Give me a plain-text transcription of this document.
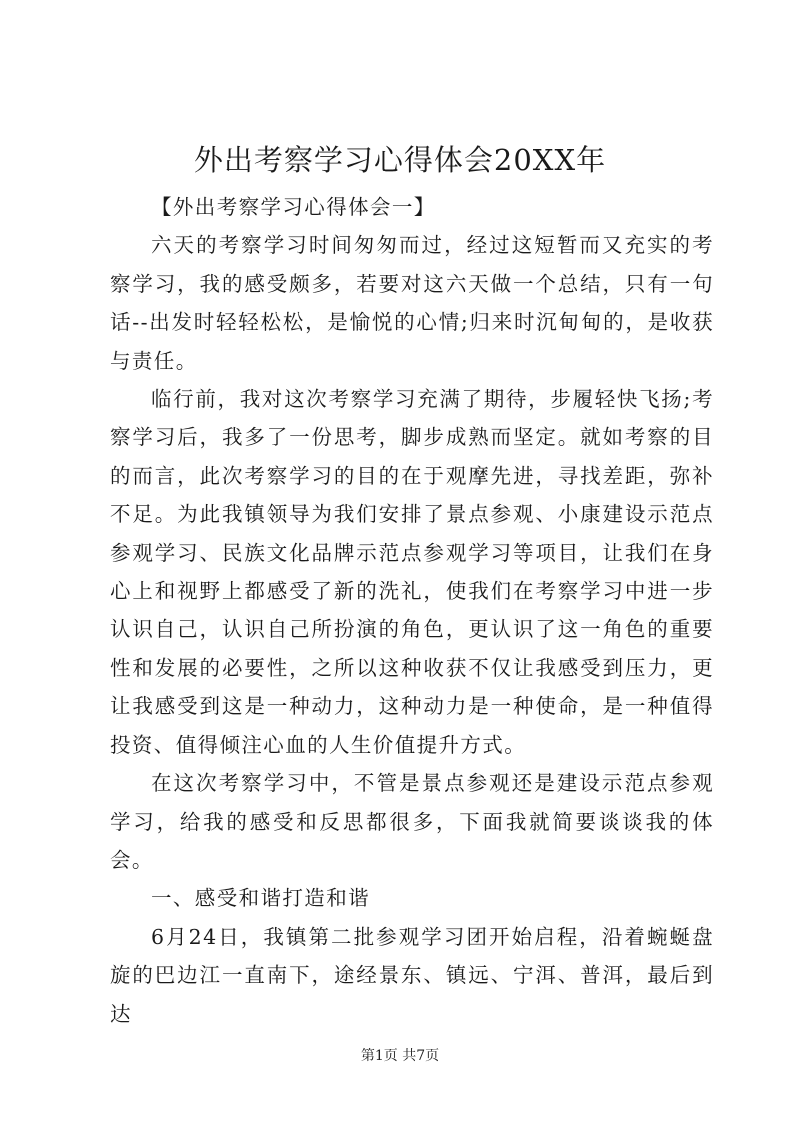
外出考察学习心得体会20XX年

【外出考察学习心得体会一】

六天的考察学习时间匆匆而过，经过这短暂而又充实的考察学习，我的感受颇多，若要对这六天做一个总结，只有一句话--出发时轻轻松松，是愉悦的心情;归来时沉甸甸的，是收获与责任。

临行前，我对这次考察学习充满了期待，步履轻快飞扬;考察学习后，我多了一份思考，脚步成熟而坚定。就如考察的目的而言，此次考察学习的目的在于观摩先进，寻找差距，弥补不足。为此我镇领导为我们安排了景点参观、小康建设示范点参观学习、民族文化品牌示范点参观学习等项目，让我们在身心上和视野上都感受了新的洗礼，使我们在考察学习中进一步认识自己，认识自己所扮演的角色，更认识了这一角色的重要性和发展的必要性，之所以这种收获不仅让我感受到压力，更让我感受到这是一种动力，这种动力是一种使命，是一种值得投资、值得倾注心血的人生价值提升方式。

在这次考察学习中，不管是景点参观还是建设示范点参观学习，给我的感受和反思都很多，下面我就简要谈谈我的体会。

一、感受和谐打造和谐

6月24日，我镇第二批参观学习团开始启程，沿着蜿蜒盘旋的巴边江一直南下，途经景东、镇远、宁洱、普洱，最后到达

第1页 共7页
